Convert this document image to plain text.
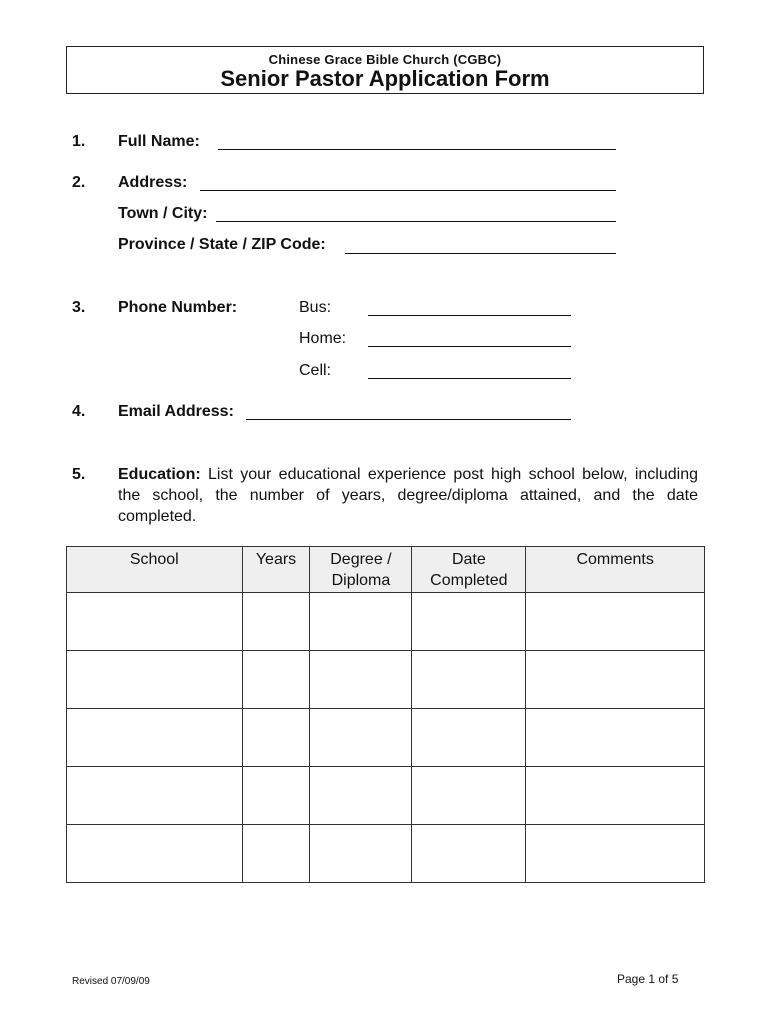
Chinese Grace Bible Church (CGBC)
Senior Pastor Application Form
1. Full Name:
2. Address:
Town / City:
Province / State / ZIP Code:
3. Phone Number:	Bus:
Home:
Cell:
4. Email Address:
5. Education: List your educational experience post high school below, including the school, the number of years, degree/diploma attained, and the date completed.
School	Years	Degree / Diploma	Date Completed	Comments

Revised 07/09/09	Page 1 of 5
